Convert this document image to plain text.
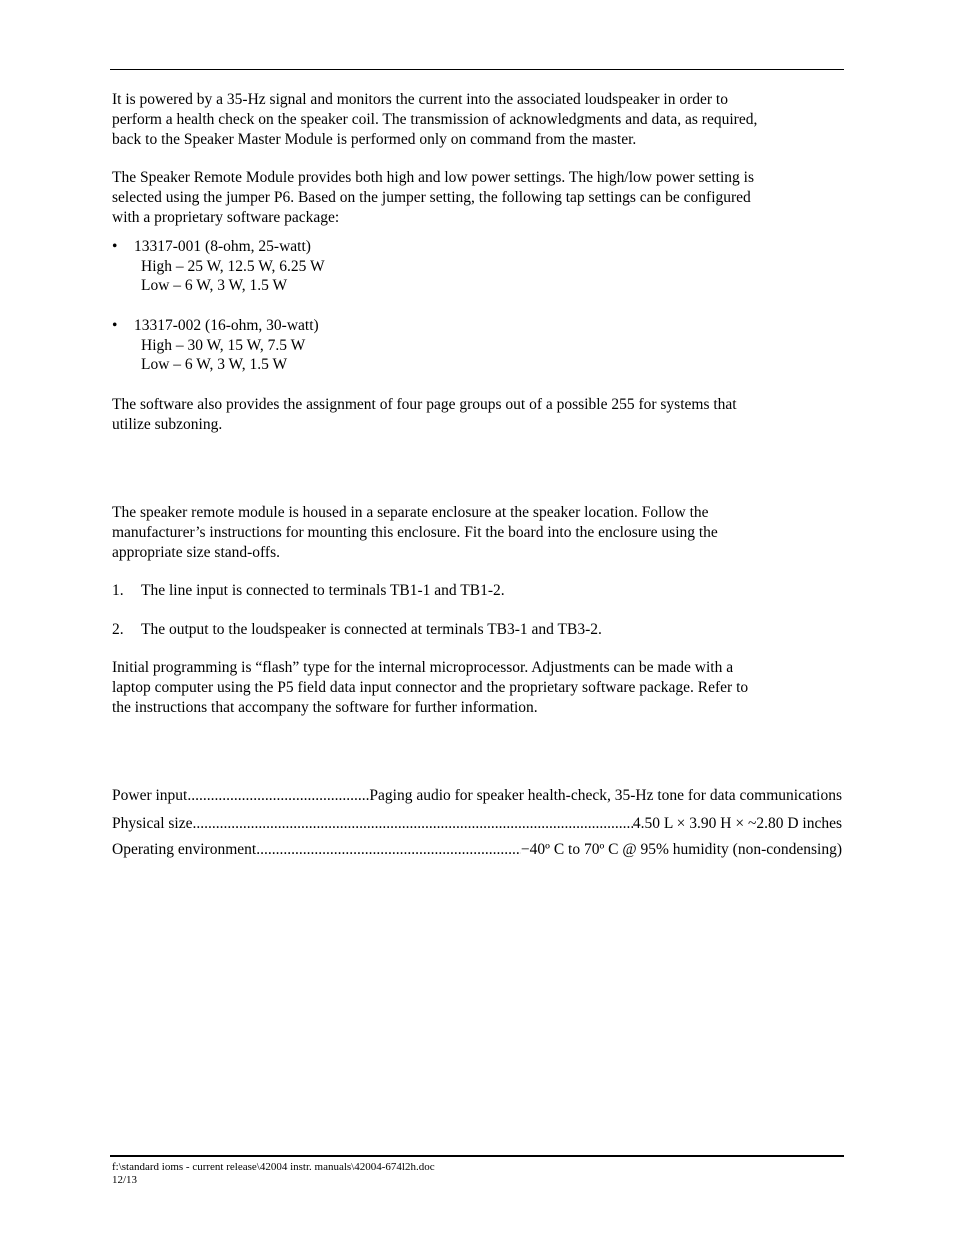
It is powered by a 35-Hz signal and monitors the current into the associated loudspeaker in order to
perform a health check on the speaker coil. The transmission of acknowledgments and data, as required,
back to the Speaker Master Module is performed only on command from the master.

The Speaker Remote Module provides both high and low power settings. The high/low power setting is
selected using the jumper P6. Based on the jumper setting, the following tap settings can be configured
with a proprietary software package:

•	13317-001 (8-ohm, 25-watt)
High – 25 W, 12.5 W, 6.25 W
Low – 6 W, 3 W, 1.5 W
•	13317-002 (16-ohm, 30-watt)
High – 30 W, 15 W, 7.5 W
Low – 6 W, 3 W, 1.5 W

The software also provides the assignment of four page groups out of a possible 255 for systems that
utilize subzoning.

The speaker remote module is housed in a separate enclosure at the speaker location. Follow the
manufacturer’s instructions for mounting this enclosure. Fit the board into the enclosure using the
appropriate size stand-offs.

1. The line input is connected to terminals TB1-1 and TB1-2.
2. The output to the loudspeaker is connected at terminals TB3-1 and TB3-2.

Initial programming is “flash” type for the internal microprocessor. Adjustments can be made with a
laptop computer using the P5 field data input connector and the proprietary software package. Refer to
the instructions that accompany the software for further information.

Power input .....	Paging audio for speaker health-check, 35-Hz tone for data communications
Physical size .....	4.50 L × 3.90 H × ~2.80 D inches
Operating environment .....	−40º C to 70º C @ 95% humidity (non-condensing)
f:\standard ioms - current release\42004 instr. manuals\42004-674l2h.doc
12/13
